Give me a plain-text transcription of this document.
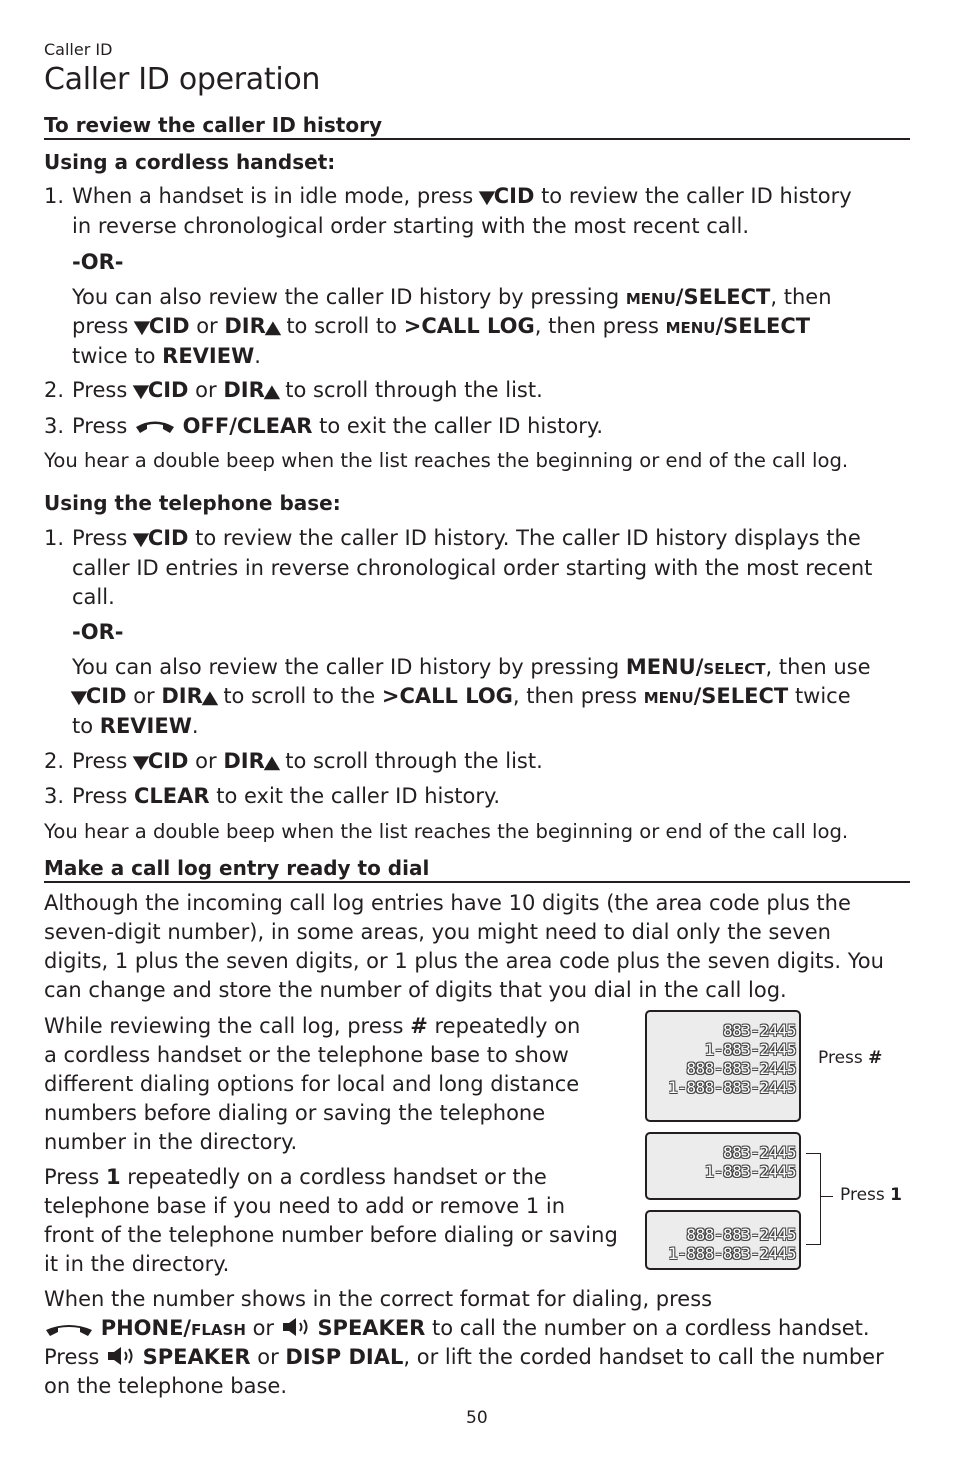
Caller ID
Caller ID operation
To review the caller ID history
Using a cordless handset:
1. When a handset is in idle mode, press ▼CID to review the caller ID history
in reverse chronological order starting with the most recent call.
-OR-
You can also review the caller ID history by pressing menu/SELECT, then
press ▼CID or DIR▲ to scroll to >CALL LOG, then press menu/SELECT
twice to REVIEW.
2. Press ▼CID or DIR▲ to scroll through the list.
3. Press	OFF/CLEAR to exit the caller ID history.
You hear a double beep when the list reaches the beginning or end of the call log.
Using the telephone base:
1. Press ▼CID to review the caller ID history. The caller ID history displays the
caller ID entries in reverse chronological order starting with the most recent
call.
-OR-
You can also review the caller ID history by pressing MENU/select, then use
▼CID or DIR▲ to scroll to the >CALL LOG, then press menu/SELECT twice
to REVIEW.
2. Press ▼CID or DIR▲ to scroll through the list.
3. Press CLEAR to exit the caller ID history.
You hear a double beep when the list reaches the beginning or end of the call log.
Make a call log entry ready to dial
Although the incoming call log entries have 10 digits (the area code plus the
seven-digit number), in some areas, you might need to dial only the seven
digits, 1 plus the seven digits, or 1 plus the area code plus the seven digits. You
can change and store the number of digits that you dial in the call log.
While reviewing the call log, press # repeatedly on
a cordless handset or the telephone base to show
different dialing options for local and long distance
numbers before dialing or saving the telephone
number in the directory.
Press 1 repeatedly on a cordless handset or the
telephone base if you need to add or remove 1 in
front of the telephone number before dialing or saving
it in the directory.
When the number shows in the correct format for dialing, press
PHONE/flash or SPEAKER to call the number on a cordless handset.
Press SPEAKER or DISP DIAL, or lift the corded handset to call the number
on the telephone base.
883-2445
1-883-2445
888-883-2445
1-888-883-2445
Press #
883-2445
1-883-2445
888-883-2445
1-888-883-2445
Press 1
50
